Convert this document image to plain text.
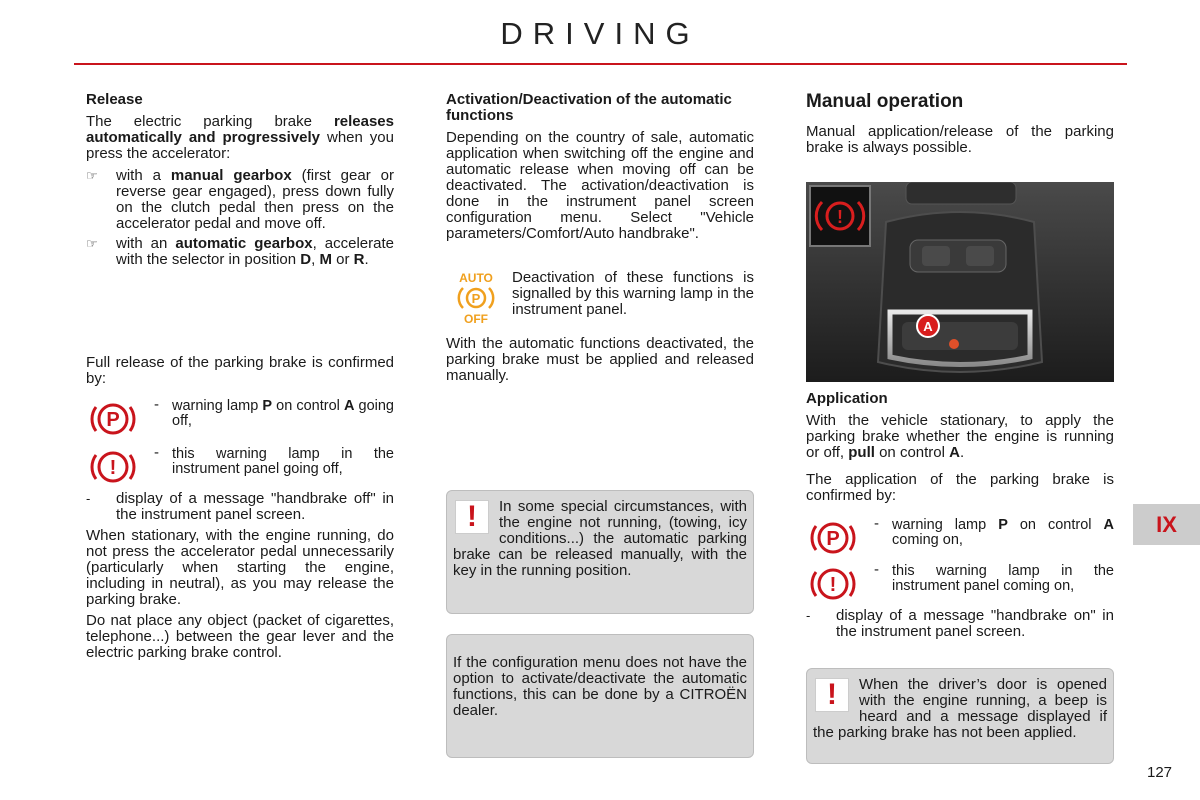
DRIVING
Release
The electric parking brake releases automatically and progressively when you press the accelerator:
☞	with a manual gearbox (first gear or reverse gear engaged), press down fully on the clutch pedal then press on the accelerator pedal and move off.
☞	with an automatic gearbox, accelerate with the selector in position D, M or R.
Full release of the parking brake is confirmed by:
P
- warning lamp P on control A going off,
!
- this warning lamp in the instrument panel going off,
-	display of a message "handbrake off" in the instrument panel screen.
When stationary, with the engine running, do not press the accelerator pedal unnecessarily (particularly when starting the engine, including in neutral), as you may release the parking brake.
Do nat place any object (packet of cigarettes, telephone...) between the gear lever and the electric parking brake control.
Activation/Deactivation of the automatic functions
Depending on the country of sale, automatic application when switching off the engine and automatic release when moving off can be deactivated. The activation/deactivation is done in the instrument panel screen configuration menu. Select "Vehicle parameters/Comfort/Auto handbrake".
AUTO
P
OFF
Deactivation of these functions is signalled by this warning lamp in the instrument panel.
With the automatic functions deactivated, the parking brake must be applied and released manually.
!	In some special circumstances, with the engine not running, (towing, icy conditions...) the automatic parking brake can be released manually, with the key in the running position.
If the configuration menu does not have the option to activate/deactivate the automatic functions, this can be done by a CITROËN dealer.
Manual operation
Manual application/release of the parking brake is always possible.
!
A
Application
With the vehicle stationary, to apply the parking brake whether the engine is running or off, pull on control A.
The application of the parking brake is confirmed by:
P
- warning lamp P on control A coming on,
!
- this warning lamp in the instrument panel coming on,
-	display of a message "handbrake on" in the instrument panel screen.
!	When the driver’s door is opened with the engine running, a beep is heard and a message displayed if the parking brake has not been applied.
IX
127
